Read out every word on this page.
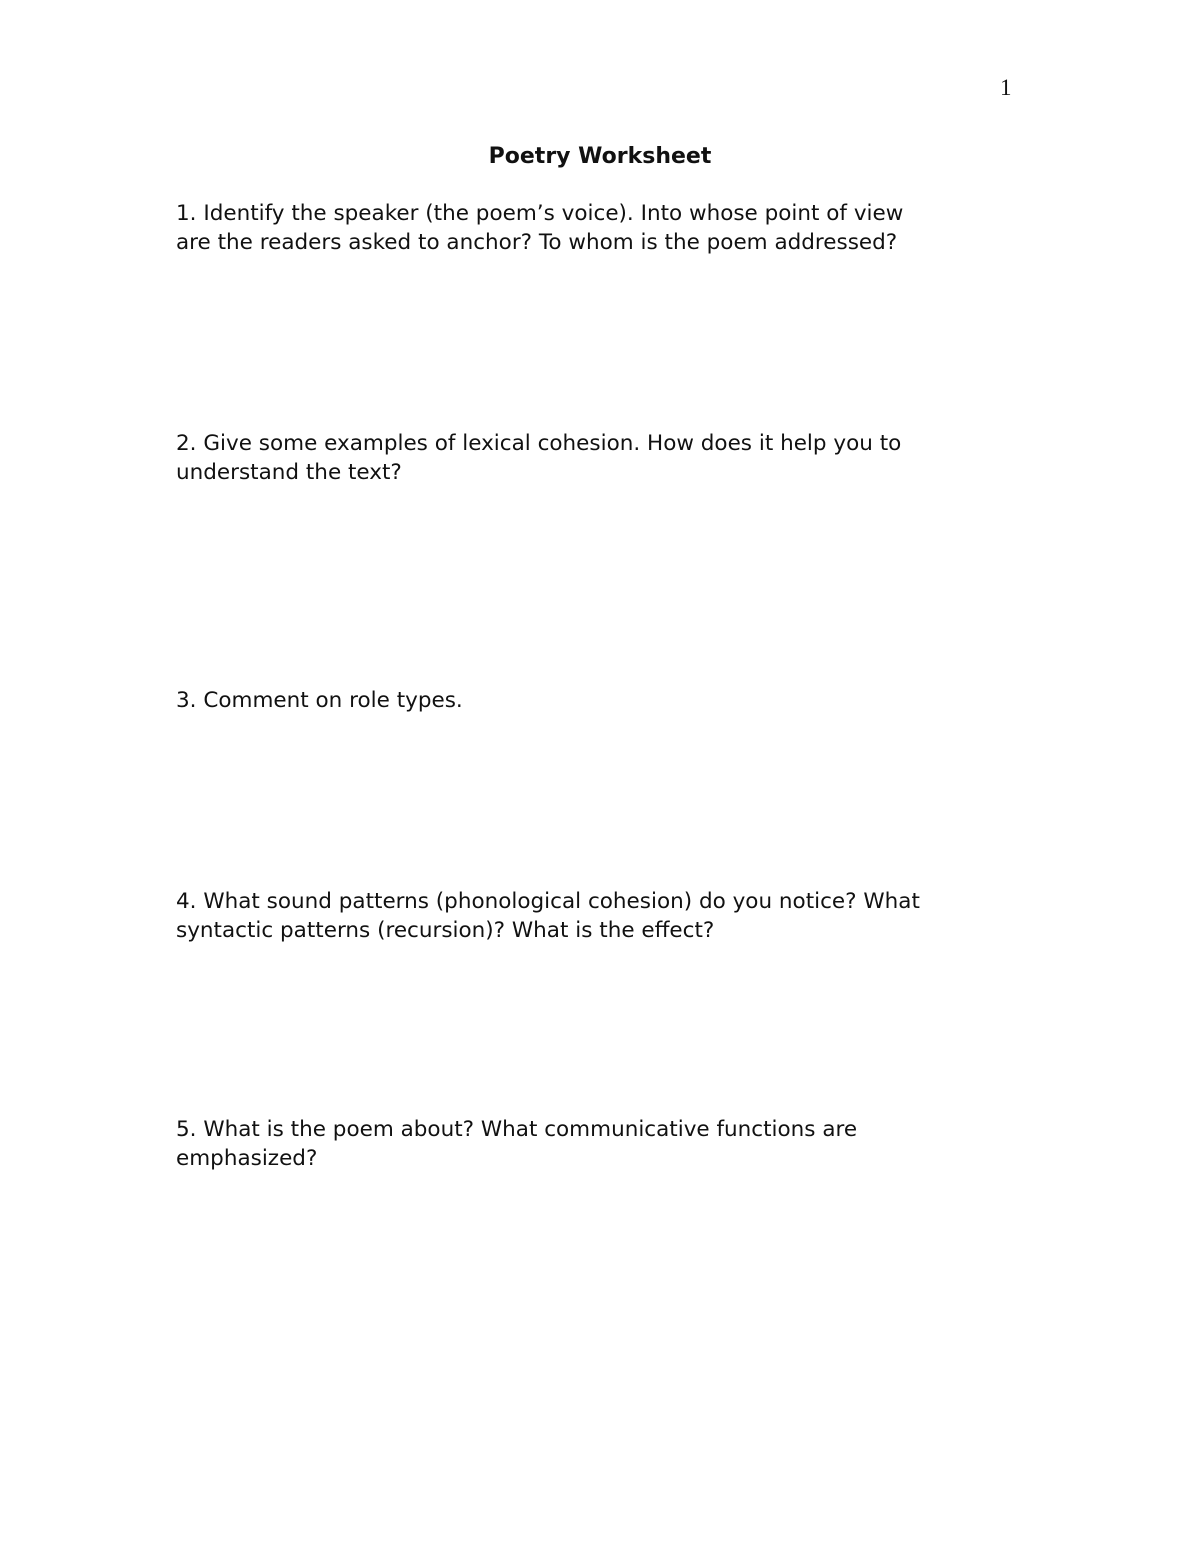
1
Poetry Worksheet
1. Identify the speaker (the poem’s voice). Into whose point of view
are the readers asked to anchor? To whom is the poem addressed?
2. Give some examples of lexical cohesion. How does it help you to
understand the text?
3. Comment on role types.
4. What sound patterns (phonological cohesion) do you notice? What
syntactic patterns (recursion)? What is the effect?
5. What is the poem about? What communicative functions are
emphasized?
